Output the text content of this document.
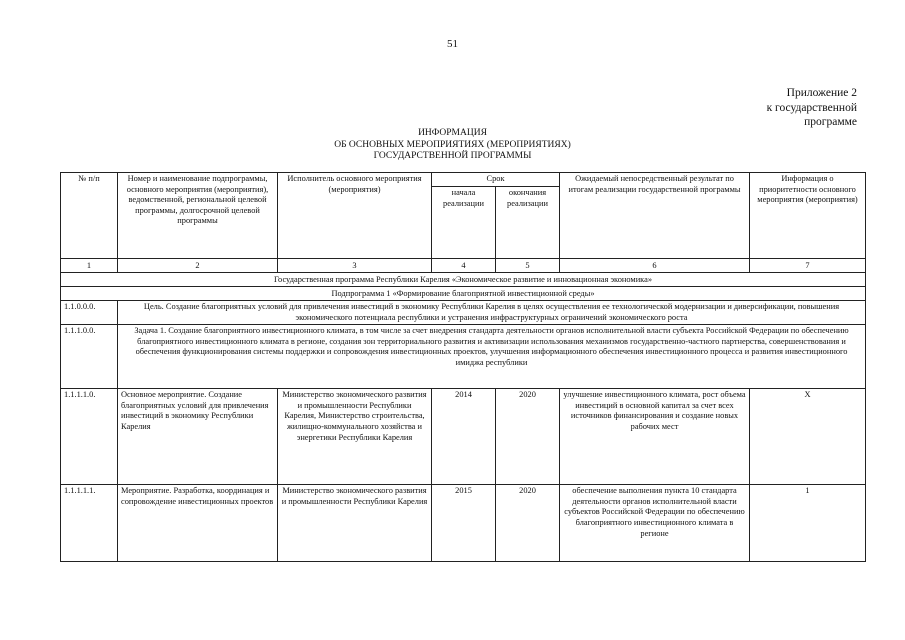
51
Приложение 2
к государственной
программе
ИНФОРМАЦИЯ
ОБ ОСНОВНЫХ МЕРОПРИЯТИЯХ (МЕРОПРИЯТИЯХ)
ГОСУДАРСТВЕННОЙ ПРОГРАММЫ
№ п/п	Номер и наименование подпрограммы, основного мероприятия (мероприятия), ведомственной, региональной целевой программы, долгосрочной целевой программы	Исполнитель основного мероприятия (мероприятия)	Срок		Ожидаемый непосредственный результат по итогам реализации государственной программы	Информация о приоритетности основного мероприятия (мероприятия)
			начала реализации	окончания реализации		
1	2	3	4	5	6	7
Государственная программа Республики Карелия «Экономическое развитие и инновационная экономика»						
Подпрограмма 1 «Формирование благоприятной инвестиционной среды»						
1.1.0.0.0.	Цель. Создание благоприятных условий для привлечения инвестиций в экономику Республики Карелия в целях осуществления ее технологической модернизации и диверсификации, повышения экономического потенциала республики и устранения инфраструктурных ограничений экономического роста					
1.1.1.0.0.	Задача 1. Создание благоприятного инвестиционного климата, в том числе за счет внедрения стандарта деятельности органов исполнительной власти субъекта Российской Федерации по обеспечению благоприятного инвестиционного климата в регионе, создания зон территориального развития и активизации использования механизмов государственно-частного партнерства, совершенствования и обеспечения функционирования системы поддержки и сопровождения инвестиционных проектов, улучшения информационного обеспечения инвестиционного процесса и развития инвестиционного имиджа республики					
1.1.1.1.0.	Основное мероприятие. Создание благоприятных условий для привлечения инвестиций в экономику Республики Карелия	Министерство экономического развития и промышленности Республики Карелия, Министерство строительства, жилищно-коммунального хозяйства и энергетики Республики Карелия	2014	2020	улучшение инвестиционного климата, рост объема инвестиций в основной капитал за счет всех источников финансирования и создание новых рабочих мест	X
1.1.1.1.1.	Мероприятие. Разработка, координация и сопровождение инвестиционных проектов	Министерство экономического развития и промышленности Республики Карелия	2015	2020	обеспечение выполнения пункта 10 стандарта деятельности органов исполнительной власти субъектов Российской Федерации по обеспечению благоприятного инвестиционного климата в регионе	1
